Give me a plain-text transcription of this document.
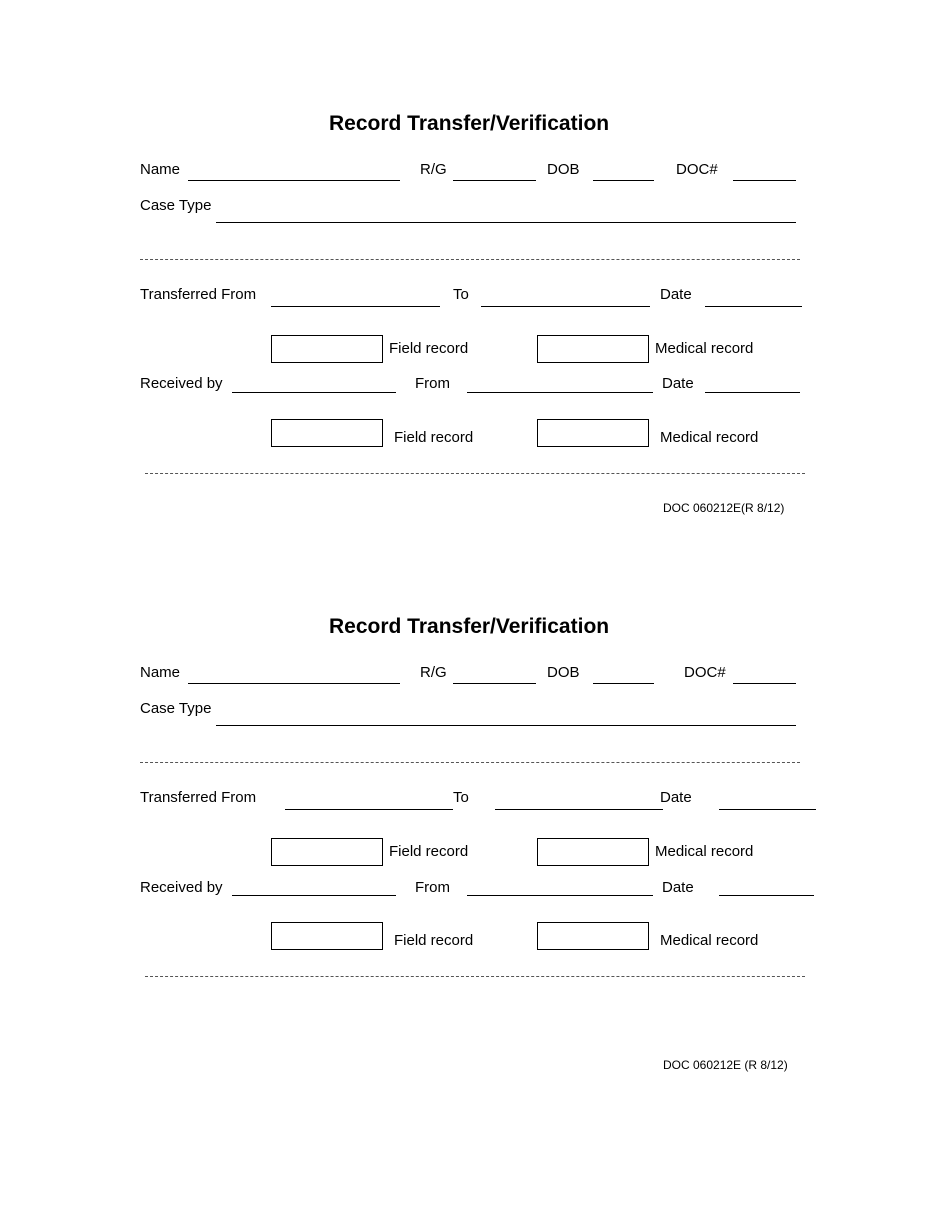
Record Transfer/Verification
Name	R/G	DOB	DOC#
Case Type
Transferred From	To	Date
Field record	Medical record
Received by	From	Date
Field record	Medical record
DOC 060212E(R 8/12)
Record Transfer/Verification
Name	R/G	DOB	DOC#
Case Type
Transferred From	To	Date
Field record	Medical record
Received by	From	Date
Field record	Medical record
DOC 060212E (R 8/12)
